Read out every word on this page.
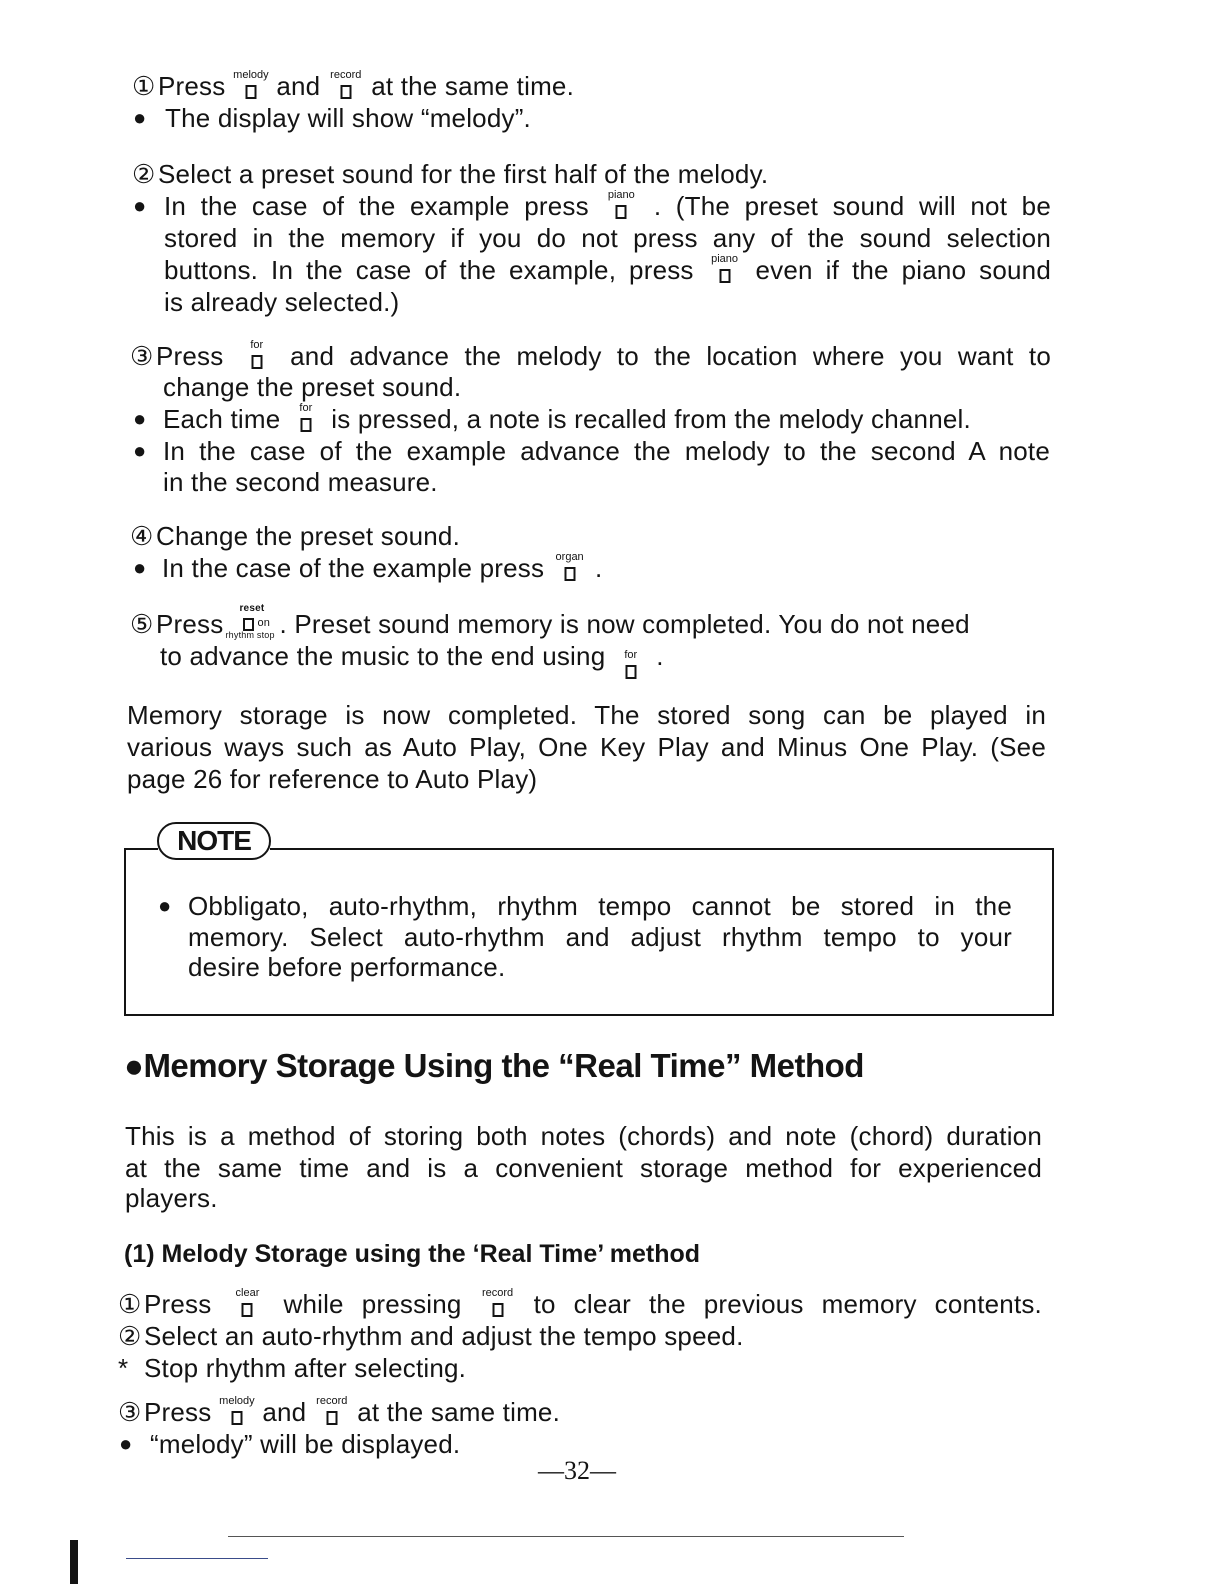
①Press melody and record at the same time.
● The display will show “melody”.
②Select a preset sound for the first half of the melody.
● In the case of the example press piano . (The preset sound will not be
stored in the memory if you do not press any of the sound selection
buttons. In the case of the example, press piano even if the piano sound
is already selected.)
③Press for and advance the melody to the location where you want to
change the preset sound.
● Each time for is pressed, a note is recalled from the melody channel.
● In the case of the example advance the melody to the second A note
in the second measure.
④Change the preset sound.
● In the case of the example press organ .
⑤Press
reset
on
rhythm stop . Preset sound memory is now completed. You do not need
to advance the music to the end using for .
Memory storage is now completed. The stored song can be played in
various ways such as Auto Play, One Key Play and Minus One Play. (See
page 26 for reference to Auto Play)
NOTE
● Obbligato, auto-rhythm, rhythm tempo cannot be stored in the
memory. Select auto-rhythm and adjust rhythm tempo to your
desire before performance.
●Memory Storage Using the “Real Time” Method
This is a method of storing both notes (chords) and note (chord) duration
at the same time and is a convenient storage method for experienced
players.
(1) Melody Storage using the ‘Real Time’ method
①Press clear while pressing record to clear the previous memory contents.
②Select an auto-rhythm and adjust the tempo speed.
* Stop rhythm after selecting.
③Press melody and record at the same time.
● “melody” will be displayed.
—32—
